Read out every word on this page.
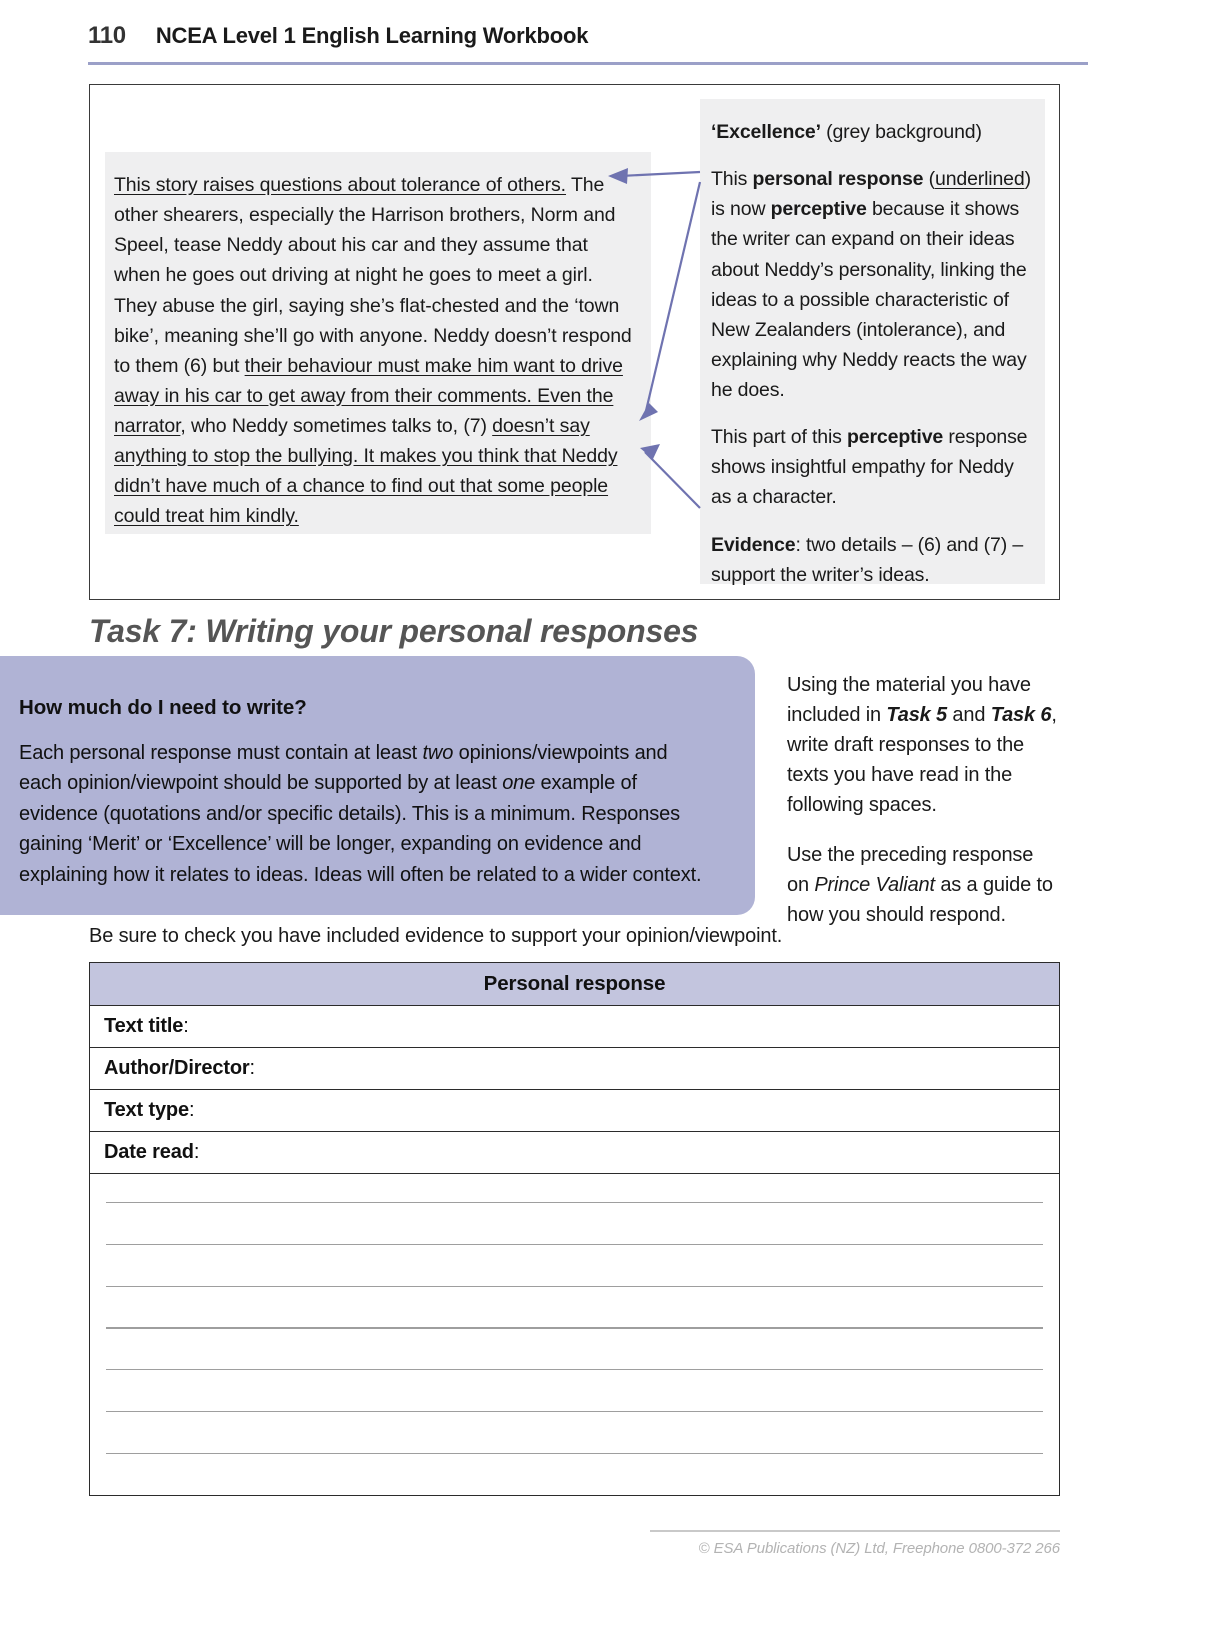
110 NCEA Level 1 English Learning Workbook
This story raises questions about tolerance of others. The other shearers, especially the Harrison brothers, Norm and Speel, tease Neddy about his car and they assume that when he goes out driving at night he goes to meet a girl. They abuse the girl, saying she’s flat-chested and the ‘town bike’, meaning she’ll go with anyone. Neddy doesn’t respond to them (6) but their behaviour must make him want to drive away in his car to get away from their comments. Even the narrator, who Neddy sometimes talks to, (7) doesn’t say anything to stop the bullying. It makes you think that Neddy didn’t have much of a chance to find out that some people could treat him kindly.

‘Excellence’ (grey background)

This personal response (underlined) is now perceptive because it shows the writer can expand on their ideas about Neddy’s personality, linking the ideas to a possible characteristic of New Zealanders (intolerance), and explaining why Neddy reacts the way he does.

This part of this perceptive response shows insightful empathy for Neddy as a character.

Evidence: two details – (6) and (7) – support the writer’s ideas.

Task 7: Writing your personal responses

How much do I need to write?

Each personal response must contain at least two opinions/viewpoints and each opinion/viewpoint should be supported by at least one example of evidence (quotations and/or specific details). This is a minimum. Responses gaining ‘Merit’ or ‘Excellence’ will be longer, expanding on evidence and explaining how it relates to ideas. Ideas will often be related to a wider context.

Using the material you have included in Task 5 and Task 6, write draft responses to the texts you have read in the following spaces.

Use the preceding response on Prince Valiant as a guide to how you should respond.

Be sure to check you have included evidence to support your opinion/viewpoint.
Personal response
Text title:
Author/Director:
Text type:
Date read:

© ESA Publications (NZ) Ltd, Freephone 0800-372 266
